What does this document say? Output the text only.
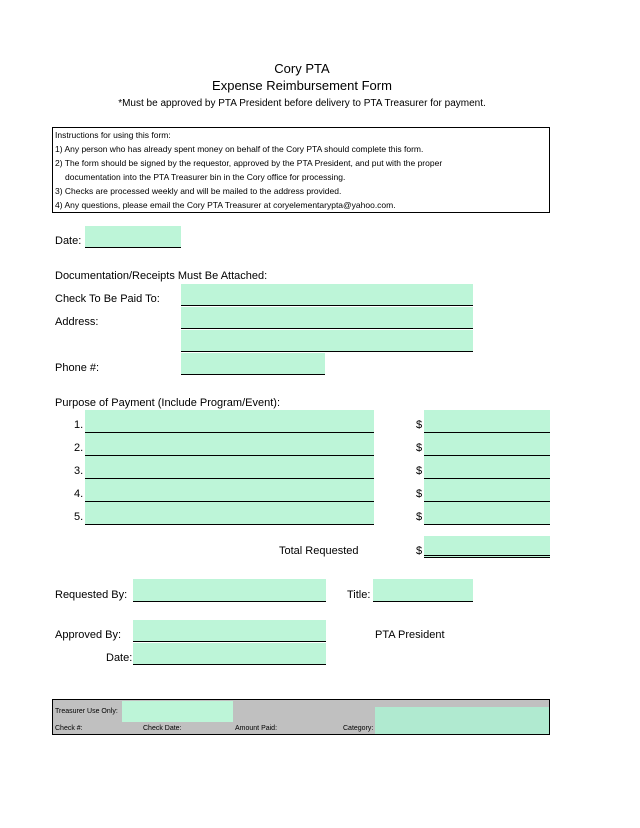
Cory PTA
Expense Reimbursement Form
*Must be approved by PTA President before delivery to PTA Treasurer for payment.
Instructions for using this form:
1) Any person who has already spent money on behalf of the Cory PTA should complete this form.
2) The form should be signed by the requestor, approved by the PTA President, and put with the proper
documentation into the PTA Treasurer bin in the Cory office for processing.
3) Checks are processed weekly and will be mailed to the address provided.
4) Any questions, please email the Cory PTA Treasurer at coryelementarypta@yahoo.com.
Date:
Documentation/Receipts Must Be Attached:
Check To Be Paid To:
Address:
Phone #:
Purpose of Payment (Include Program/Event):
1.	$
2.	$
3.	$
4.	$
5.	$
Total Requested	$
Requested By:	Title:
Approved By:	PTA President
Date:
Treasurer Use Only:
Check #:	Check Date:	Amount Paid:	Category:
